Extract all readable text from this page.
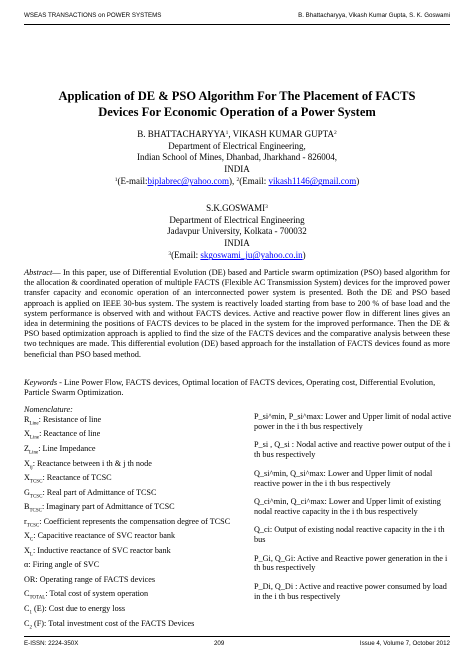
WSEAS TRANSACTIONS on POWER SYSTEMS	B. Bhattacharyya, Vikash Kumar Gupta, S. K. Goswami
Application of DE & PSO Algorithm For The Placement of FACTS
Devices For Economic Operation of a Power System
B. BHATTACHARYYA$^1$, VIKASH KUMAR GUPTA$^2$
Department of Electrical Engineering,
Indian School of Mines, Dhanbad, Jharkhand - 826004,
INDIA
$^1$(E-mail:biplabrec@yahoo.com), $^2$(Email: vikash1146@gmail.com)
S.K.GOSWAMI$^3$
Department of Electrical Engineering
Jadavpur University, Kolkata - 700032
INDIA
$^3$(Email: skgoswami_ju@yahoo.co.in)
Abstract— In this paper, use of Differential Evolution (DE) based and Particle swarm optimization (PSO) based algorithm for the allocation & coordinated operation of multiple FACTS (Flexible AC Transmission System) devices for the improved power transfer capacity and economic operation of an interconnected power system is presented. Both the DE and PSO based approach is applied on IEEE 30-bus system. The system is reactively loaded starting from base to 200 % of base load and the system performance is observed with and without FACTS devices. Active and reactive power flow in different lines gives an idea in determining the positions of FACTS devices to be placed in the system for the improved performance. Then the DE & PSO based optimization approach is applied to find the size of the FACTS devices and the comparative analysis between these two techniques are made. This differential evolution (DE) based approach for the installation of FACTS devices found as more beneficial than PSO based method.
Keywords - Line Power Flow, FACTS devices, Optimal location of FACTS devices, Operating cost, Differential Evolution, Particle Swarm Optimization.
Nomenclature:
$R_{Line}$: Resistance of line
$X_{Line}$: Reactance of line
$Z_{Line}$: Line Impedance
$X_{ij}$: Reactance between i th & j th node
$X_{TCSC}$: Reactance of TCSC
$G_{TCSC}$: Real part of Admittance of TCSC
$B_{TCSC}$: Imaginary part of Admittance of TCSC
$r_{TCSC}$: Coefficient represents the compensation degree of TCSC
$X_C$: Capacitive reactance of SVC reactor bank
$X_L$: Inductive reactance of SVC reactor bank
α: Firing angle of SVC
OR: Operating range of FACTS devices
$C_{TOTAL}$: Total cost of system operation
$C_1$ (E): Cost due to energy loss
$C_2$ (F): Total investment cost of the FACTS Devices
P_si^min, P_si^max: Lower and Upper limit of nodal active power in the i th bus respectively
P_si , Q_si : Nodal active and reactive power output of the i th bus respectively
Q_si^min, Q_si^max: Lower and Upper limit of nodal reactive power in the i th bus respectively
Q_ci^min, Q_ci^max: Lower and Upper limit of existing nodal reactive capacity in the i th bus respectively
Q_ci: Output of existing nodal reactive capacity in the i th bus
P_Gi, Q_Gi: Active and Reactive power generation in the i th bus respectively
P_Di, Q_Di : Active and reactive power consumed by load in the i th bus respectively
E-ISSN: 2224-350X	209	Issue 4, Volume 7, October 2012
